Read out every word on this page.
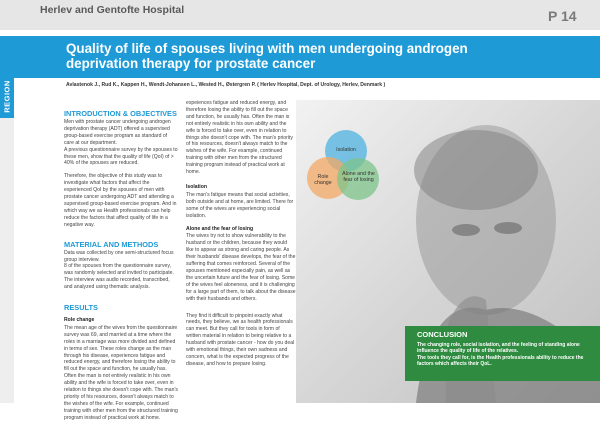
Herlev and Gentofte Hospital	P 14
Quality of life of spouses living with men undergoing androgen
deprivation therapy for prostate cancer
REGION	Avlastenok J., Rud K., Kappen H., Wendt-Johansen L., Wested H., Østergren P. ( Herlev Hospital, Dept. of Urology, Herlev, Denmark )
INTRODUCTION & OBJECTIVES

Men with prostate cancer undergoing androgen deprivation therapy (ADT) offered a supervised group-based exercise program as standard of care at our department.

A previous questionnaire survey by the spouses to these men, show that the quality of life (QoI) of > 40% of the spouses are reduced.

Therefore, the objective of this study was to investigate what factors that affect the experienced QoI by the spouses of men with prostate cancer undergoing ADT and attending a supervised group-based exercise program. And in which way we as Health professionals can help reduce the factors that affect quality of life in a negative way.

MATERIAL AND METHODS

Data was collected by one semi-structured focus group interview.

8 of the spouses from the questionnaire survey, was randomly selected and invited to participate. The interview was audio recorded, transcribed, and analyzed using thematic analysis.

RESULTS
Role change

The mean age of the wives from the questionnaire survey was 69, and married at a time where the roles in a marriage was more divided and defined in terms of sex. These roles change as the man through his disease, experiences fatigue and reduced energy, and therefore losing the ability to fill out the space and function, he usually has. Often the man is not entirely realistic in his own ability and the wife is forced to take over, even in relation to things she doesn't cope with. The man's priority of his resources, doesn't always match to the wishes of the wife. For example, continued training with other men from the structured training program instead of practical work at home.

expeiences fatigue and reduced energy, and therefore losing the ability to fill out the space and function, he usually has. Often the man is not entirely realistic in his own ability and the wife is forced to take over, even in relation to things she doesn't cope with. The man's priority of his resources, doesn't always match to the wishes of the wife. For example, continued training with other men from the structured training program instead of practical work at home.

Isolation

The man's fatigue means that social activities, both outside and at home, are limited. There for some of the wives are experiencing social isolation.

Alone and the fear of losing

The wives try not to show vulnerability to the husband or the children, because they would like to appear as strong and caring people. As their husbands' disease develops, the fear of the suffering that comes reinforced. Several of the spouses mentioned especially pain, as well as the uncertain future and the fear of losing. Some of the wives feel aloneness, and it is challenging for a large part of them, to talk about the disease with their husbands and others.

They find it difficult to pinpoint exactly what needs, they believe, we as health professionals can meet. But they call for tools in form of written material in relation to being relative to a husband with prostate cancer - how do you deal with emotional things, their own sadness and concern, what is the expected progress of the disease, and how to prepare losing.

Isolation
Role change
Alone and the fear of losing
CONCLUSION
The changing role, social isolation, and the feeling of standing alone influence the quality of life of the relatives.
The tools they call for, is the Health professionals ability to reduce the factors which affects their QoL.
